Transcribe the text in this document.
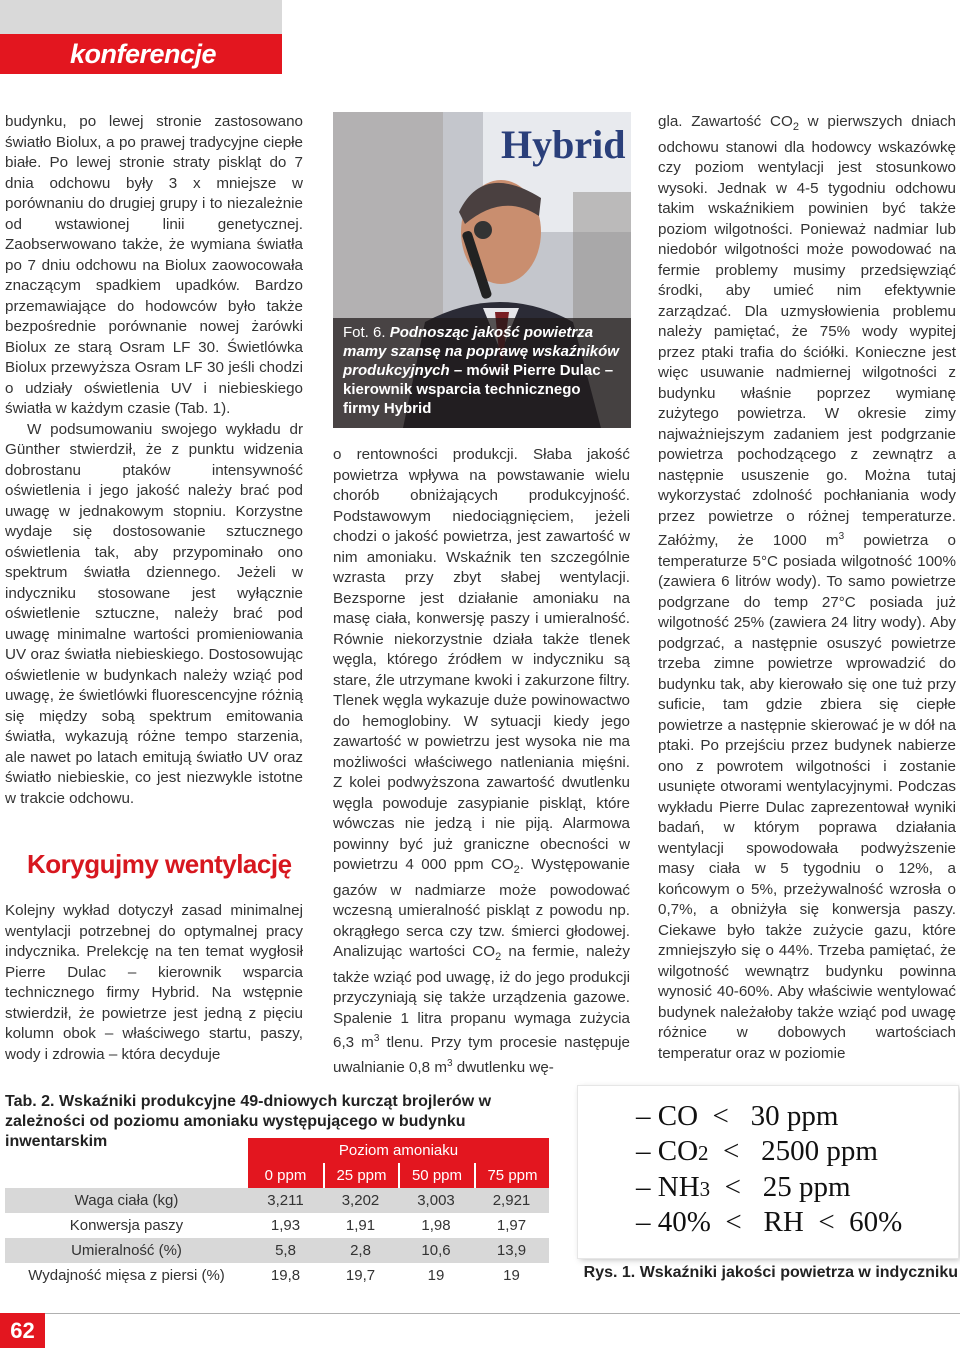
konferencje

budynku, po lewej stronie zastosowano światło Biolux, a po prawej tradycyjne ciepłe białe. Po lewej stronie straty piskląt do 7 dnia odchowu były 3 x mniejsze w porównaniu do drugiej grupy i to niezależnie od wstawionej linii genetycznej. Zaobserwowano także, że wymiana światła po 7 dniu odchowu na Biolux zaowocowała znaczącym spadkiem upadków. Bardzo przemawiające do hodowców było także bezpośrednie porównanie nowej żarówki Biolux ze starą Osram LF 30. Świetlówka Biolux przewyższa Osram LF 30 jeśli chodzi o udziały oświetlenia UV i niebieskiego światła w każdym czasie (Tab. 1).

W podsumowaniu swojego wykładu dr Günther stwierdził, że z punktu widzenia dobrostanu ptaków intensywność oświetlenia i jego jakość należy brać pod uwagę w jednakowym stopniu. Korzystne wydaje się dostosowanie sztucznego oświetlenia tak, aby przypominało ono spektrum światła dziennego. Jeżeli w indyczniku stosowane jest wyłącznie oświetlenie sztuczne, należy brać pod uwagę minimalne wartości promieniowania UV oraz światła niebieskiego. Dostosowując oświetlenie w budynkach należy wziąć pod uwagę, że świetlówki fluorescencyjne różnią się między sobą spektrum emitowania światła, wykazują różne tempo starzenia, ale nawet po latach emitują światło UV oraz światło niebieskie, co jest niezwykle istotne w trakcie odchowu.

Korygujmy wentylację

Kolejny wykład dotyczył zasad minimalnej wentylacji potrzebnej do optymalnej pracy indycznika. Prelekcję na ten temat wygłosił Pierre Dulac – kierownik wsparcia technicznego firmy Hybrid. Na wstępnie stwierdził, że powietrze jest jedną z pięciu kolumn obok – właściwego startu, paszy, wody i zdrowia – która decyduje

Hybrid
Fot. 6. Podnosząc jakość powietrza mamy szansę na poprawę wskaźników produkcyjnych – mówił Pierre Dulac – kierownik wsparcia technicznego firmy Hybrid

o rentowności produkcji. Słaba jakość powietrza wpływa na powstawanie wielu chorób obniżających produkcyjność. Podstawowym niedociągnięciem, jeżeli chodzi o jakość powietrza, jest zawartość w nim amoniaku. Wskaźnik ten szczególnie wzrasta przy zbyt słabej wentylacji. Bezsporne jest działanie amoniaku na masę ciała, konwersję paszy i umieralność. Równie niekorzystnie działa także tlenek węgla, którego źródłem w indyczniku są stare, źle utrzymane kwoki i zakurzone filtry. Tlenek węgla wykazuje duże powinowactwo do hemoglobiny. W sytuacji kiedy jego zawartość w powietrzu jest wysoka nie ma możliwości właściwego natleniania mięśni. Z kolei podwyższona zawartość dwutlenku węgla powoduje zasypianie piskląt, które wówczas nie jedzą i nie piją. Alarmowa powinny być już graniczne obecności w powietrzu 4 000 ppm $CO_2$. Występowanie gazów w nadmiarze może powodować wczesną umieralność piskląt z powodu np. okrągłego serca czy tzw. śmierci głodowej. Analizując wartości $CO_2$ na fermie, należy także wziąć pod uwagę, iż do jego produkcji przyczyniają się także urządzenia gazowe. Spalenie 1 litra propanu wymaga zużycia 6,3 $m^3$ tlenu. Przy tym procesie następuje uwalnianie 0,8 $m^3$ dwutlenku wę-

gla. Zawartość $CO_2$ w pierwszych dniach odchowu stanowi dla hodowcy wskazówkę czy poziom wentylacji jest stosunkowo wysoki. Jednak w 4-5 tygodniu odchowu takim wskaźnikiem powinien być także poziom wilgotności. Ponieważ nadmiar lub niedobór wilgotności może powodować na fermie problemy musimy przedsięwziąć środki, aby umieć nim efektywnie zarządzać. Dla uzmysłowienia problemu należy pamiętać, że 75% wody wypitej przez ptaki trafia do ściółki. Konieczne jest więc usuwanie nadmiernej wilgotności z budynku właśnie poprzez wymianę zużytego powietrza. W okresie zimy najważniejszym zadaniem jest podgrzanie powietrza pochodzącego z zewnątrz a następnie ususzenie go. Można tutaj wykorzystać zdolność pochłaniania wody przez powietrze o różnej temperaturze. Załóżmy, że 1000 $m^3$ powietrza o temperaturze 5°C posiada wilgotność 100% (zawiera 6 litrów wody). To samo powietrze podgrzane do temp 27°C posiada już wilgotność 25% (zawiera 24 litry wody). Aby podgrzać, a następnie osuszyć powietrze trzeba zimne powietrze wprowadzić do budynku tak, aby kierowało się one tuż przy suficie, tam gdzie zbiera się ciepłe powietrze a następnie skierować je w dół na ptaki. Po przejściu przez budynek nabierze ono z powrotem wilgotności i zostanie usunięte otworami wentylacyjnymi. Podczas wykładu Pierre Dulac zaprezentował wyniki badań, w którym poprawa działania wentylacji spowodowała podwyższenie masy ciała w 5 tygodniu o 12%, a końcowym o 5%, przeżywalność wzrosła o 0,7%, a obniżyła się konwersja paszy. Ciekawe było także zużycie gazu, które zmniejszyło się o 44%. Trzeba pamiętać, że wilgotność wewnątrz budynku powinna wynosić 40-60%. Aby właściwie wentylować budynek należałoby także wziąć pod uwagę różnice w dobowych wartościach temperatur oraz w poziomie

Tab. 2. Wskaźniki produkcyjne 49-dniowych kurcząt brojlerów w zależności od poziomu amoniaku występującego w budynku inwentarskim
Poziom amoniaku
0 ppm	25 ppm	50 ppm	75 ppm
Waga ciała (kg)	3,211	3,202	3,003	2,921
Konwersja paszy	1,93	1,91	1,98	1,97
Umieralność (%)	5,8	2,8	10,6	13,9
Wydajność mięsa z piersi (%)	19,8	19,7	19	19
– CO  <   30 ppm
– CO2  <   2500 ppm
– NH3  <   25 ppm
– 40%  <   RH  <  60%
Rys. 1. Wskaźniki jakości powietrza w indyczniku
62
